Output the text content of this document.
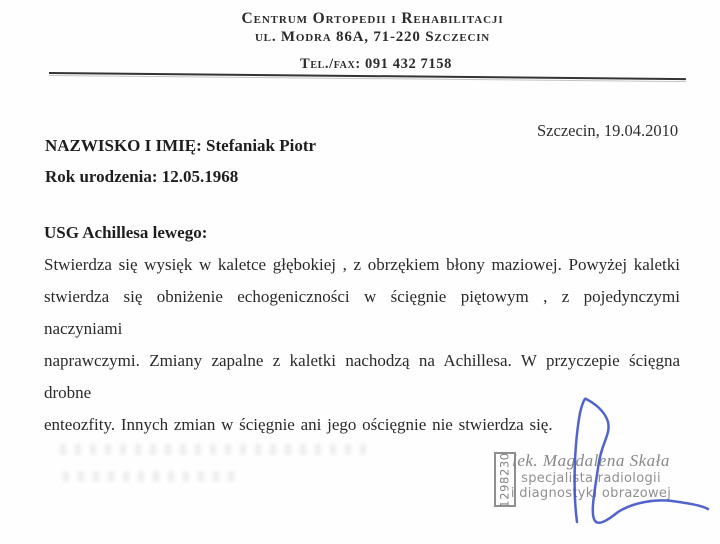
Centrum Ortopedii i Rehabilitacji
ul. Modra 86A, 71-220 Szczecin
Tel./fax: 091 432 7158
Szczecin, 19.04.2010
NAZWISKO I IMIĘ: Stefaniak Piotr
Rok urodzenia: 12.05.1968
USG Achillesa lewego:
Stwierdza się wysięk w kaletce głębokiej , z obrzękiem błony maziowej. Powyżej kaletki
stwierdza się obniżenie echogeniczności w ścięgnie piętowym , z pojedynczymi naczyniami
naprawczymi. Zmiany zapalne z kaletki nachodzą na Achillesa. W przyczepie ścięgna drobne
enteozfity. Innych zmian w ścięgnie ani jego ościęgnie nie stwierdza się.
1298230 lek. Magdalena Skała
specjalista radiologii
i diagnostyki obrazowej
